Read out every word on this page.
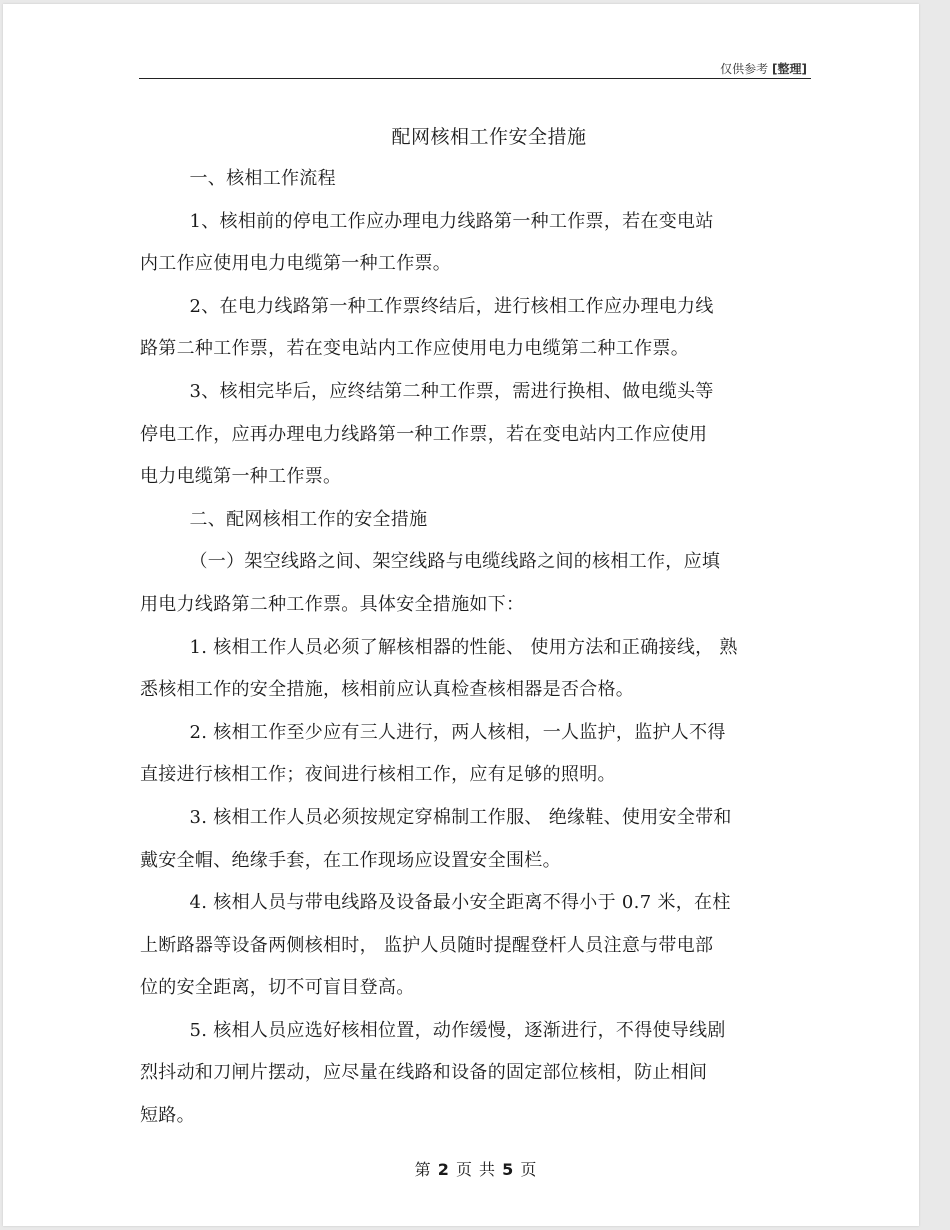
仅供参考 [整理]
配网核相工作安全措施

一、核相工作流程

1、核相前的停电工作应办理电力线路第一种工作票，若在变电站
内工作应使用电力电缆第一种工作票。

2、在电力线路第一种工作票终结后，进行核相工作应办理电力线
路第二种工作票，若在变电站内工作应使用电力电缆第二种工作票。

3、核相完毕后，应终结第二种工作票，需进行换相、做电缆头等
停电工作，应再办理电力线路第一种工作票，若在变电站内工作应使用
电力电缆第一种工作票。

二、配网核相工作的安全措施

（一）架空线路之间、架空线路与电缆线路之间的核相工作，应填
用电力线路第二种工作票。具体安全措施如下：

1. 核相工作人员必须了解核相器的性能、 使用方法和正确接线， 熟
悉核相工作的安全措施，核相前应认真检查核相器是否合格。

2. 核相工作至少应有三人进行，两人核相，一人监护，监护人不得
直接进行核相工作；夜间进行核相工作，应有足够的照明。

3. 核相工作人员必须按规定穿棉制工作服、 绝缘鞋、使用安全带和
戴安全帽、绝缘手套，在工作现场应设置安全围栏。

4. 核相人员与带电线路及设备最小安全距离不得小于 0.7 米，在柱
上断路器等设备两侧核相时， 监护人员随时提醒登杆人员注意与带电部
位的安全距离，切不可盲目登高。

5. 核相人员应选好核相位置，动作缓慢，逐渐进行，不得使导线剧
烈抖动和刀闸片摆动，应尽量在线路和设备的固定部位核相，防止相间
短路。

第 2 页 共 5 页
